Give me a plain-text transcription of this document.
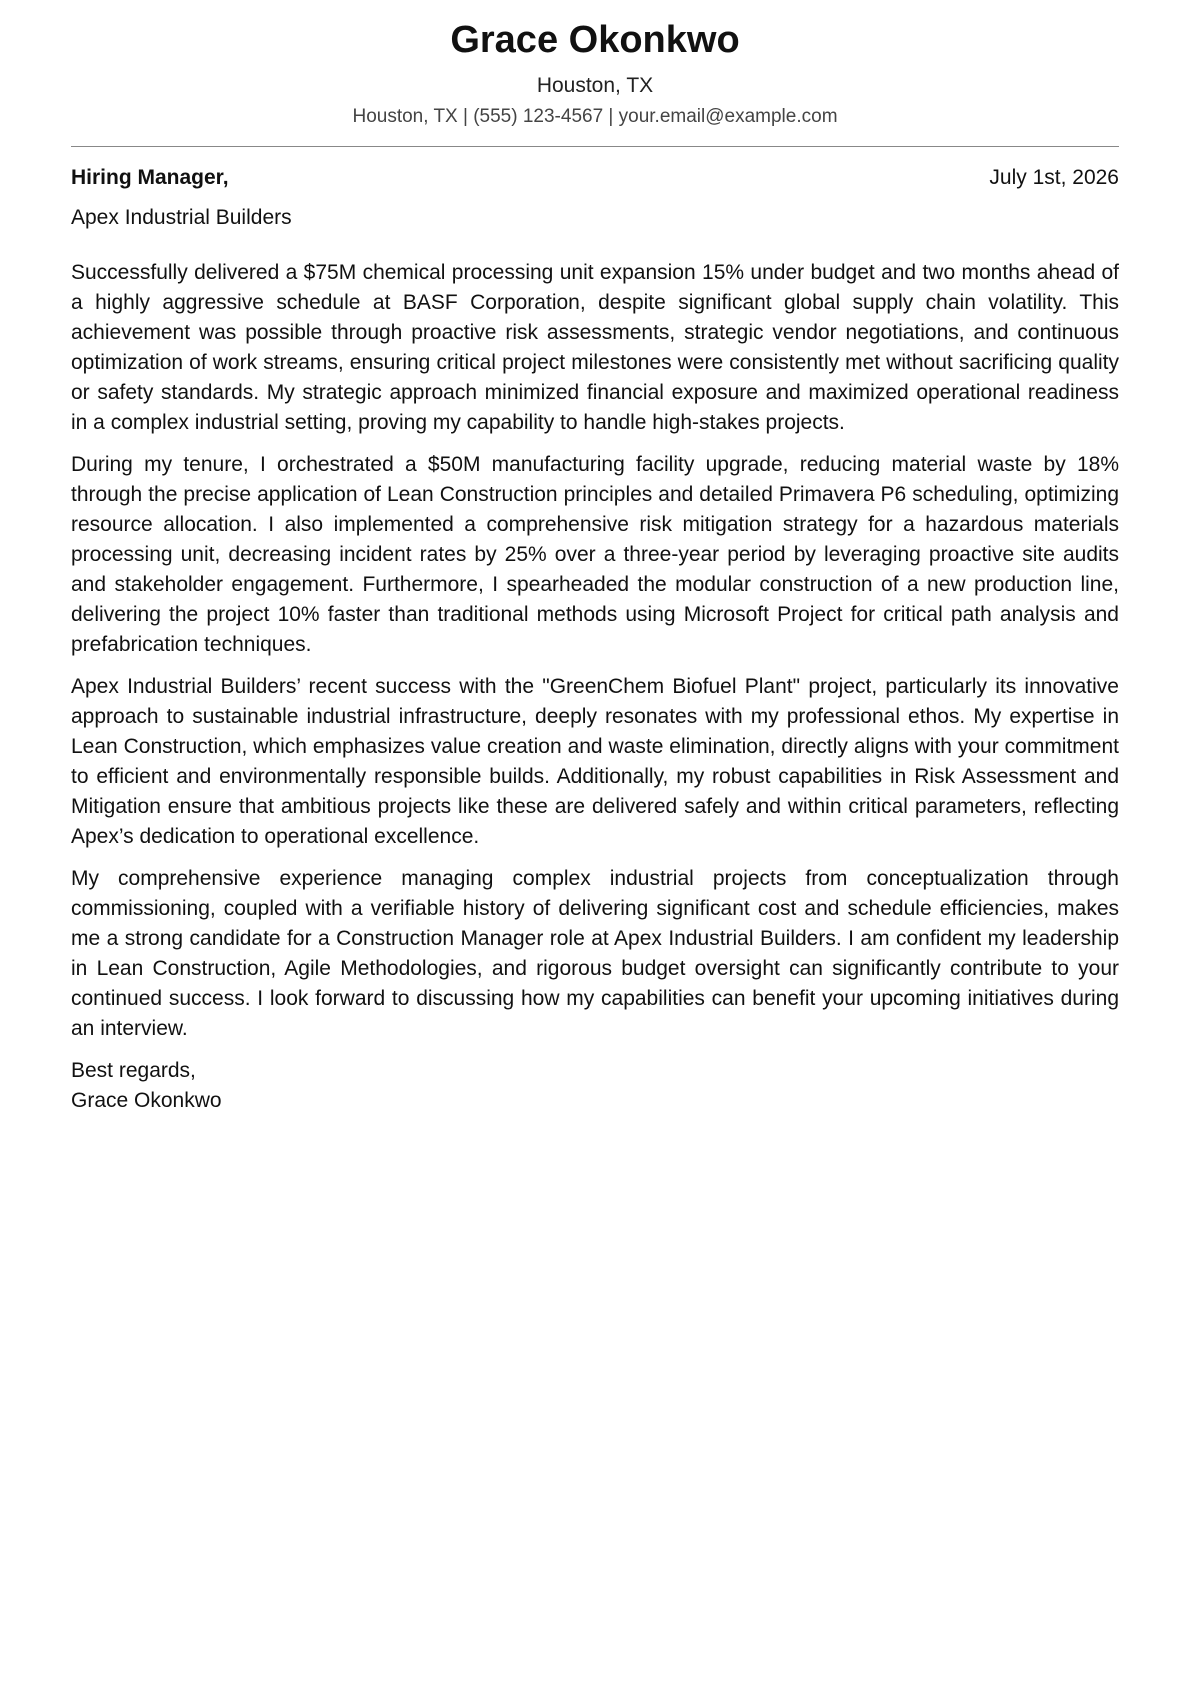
Grace Okonkwo
Houston, TX
Houston, TX | (555) 123-4567 | your.email@example.com
Hiring Manager,	July 1st, 2026
Apex Industrial Builders

Successfully delivered a $75M chemical processing unit expansion 15% under budget and two months ahead of a highly aggressive schedule at BASF Corporation, despite significant global supply chain volatility. This achievement was possible through proactive risk assessments, strategic vendor negotiations, and continuous optimization of work streams, ensuring critical project milestones were consistently met without sacrificing quality or safety standards. My strategic approach minimized financial exposure and maximized operational readiness in a complex industrial setting, proving my capability to handle high-stakes projects.

During my tenure, I orchestrated a $50M manufacturing facility upgrade, reducing material waste by 18% through the precise application of Lean Construction principles and detailed Primavera P6 scheduling, optimizing resource allocation. I also implemented a comprehensive risk mitigation strategy for a hazardous materials processing unit, decreasing incident rates by 25% over a three-year period by leveraging proactive site audits and stakeholder engagement. Furthermore, I spearheaded the modular construction of a new production line, delivering the project 10% faster than traditional methods using Microsoft Project for critical path analysis and prefabrication techniques.

Apex Industrial Builders’ recent success with the "GreenChem Biofuel Plant" project, particularly its innovative approach to sustainable industrial infrastructure, deeply resonates with my professional ethos. My expertise in Lean Construction, which emphasizes value creation and waste elimination, directly aligns with your commitment to efficient and environmentally responsible builds. Additionally, my robust capabilities in Risk Assessment and Mitigation ensure that ambitious projects like these are delivered safely and within critical parameters, reflecting Apex’s dedication to operational excellence.

My comprehensive experience managing complex industrial projects from conceptualization through commissioning, coupled with a verifiable history of delivering significant cost and schedule efficiencies, makes me a strong candidate for a Construction Manager role at Apex Industrial Builders. I am confident my leadership in Lean Construction, Agile Methodologies, and rigorous budget oversight can significantly contribute to your continued success. I look forward to discussing how my capabilities can benefit your upcoming initiatives during an interview.

Best regards,
Grace Okonkwo
